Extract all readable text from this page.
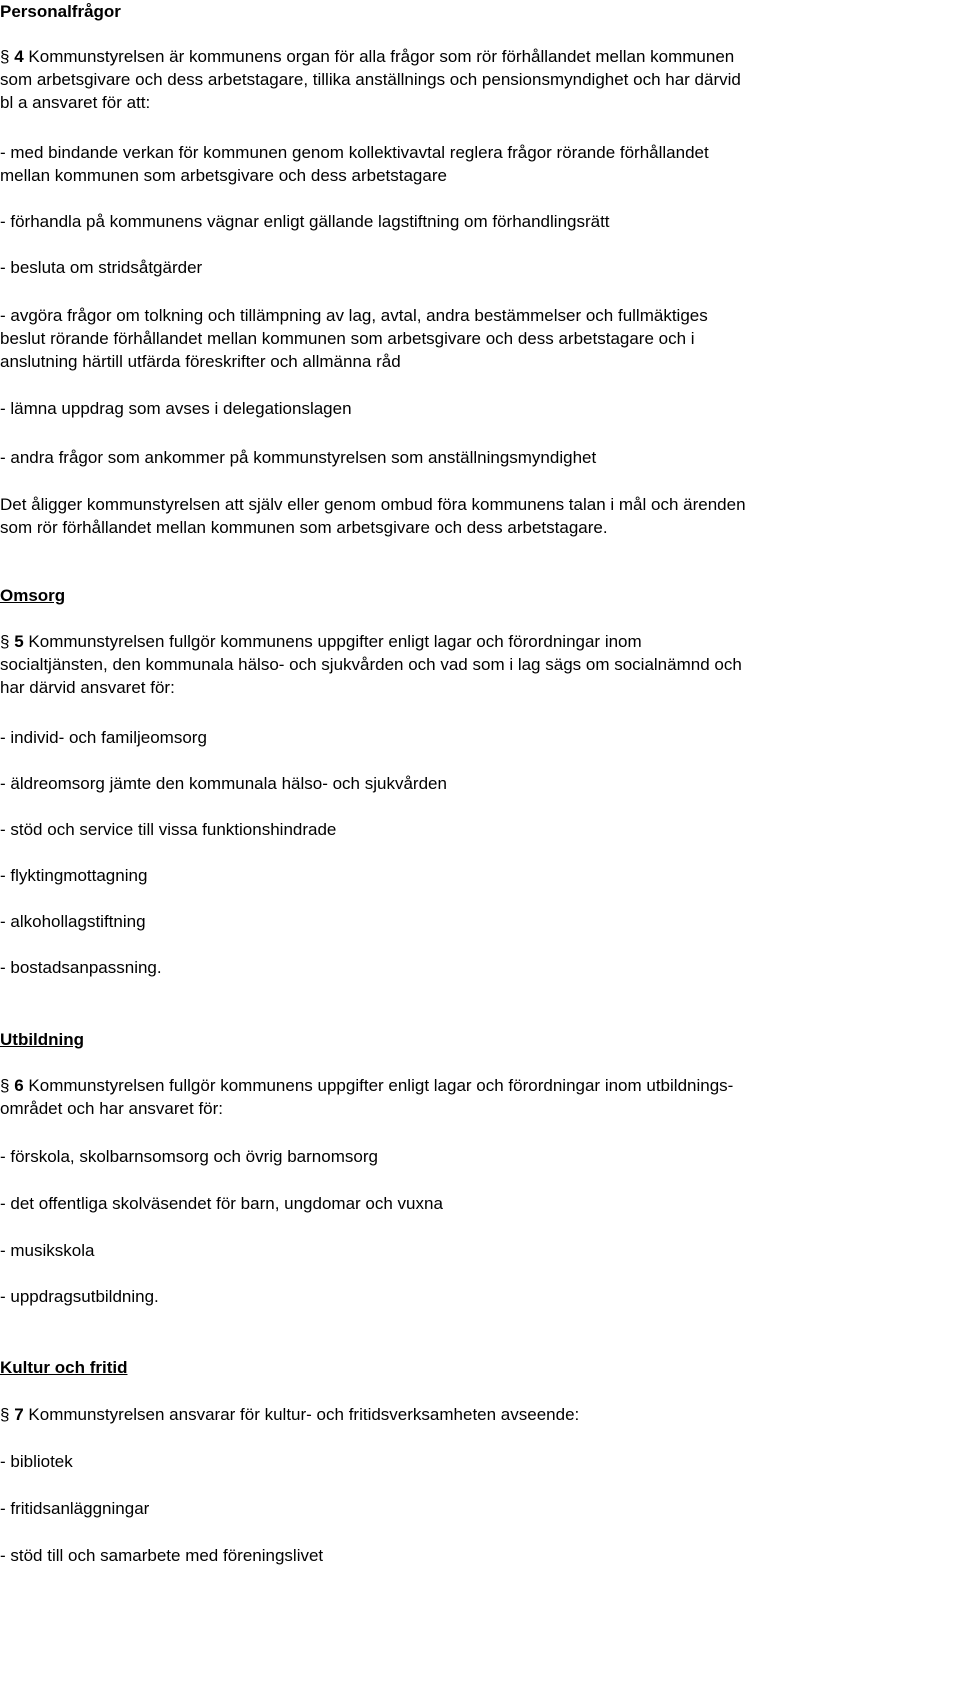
Personalfrågor
§ 4 Kommunstyrelsen är kommunens organ för alla frågor som rör förhållandet mellan kommunen
som arbetsgivare och dess arbetstagare, tillika anställnings och pensionsmyndighet och har därvid
bl a ansvaret för att:
- med bindande verkan för kommunen genom kollektivavtal reglera frågor rörande förhållandet
mellan kommunen som arbetsgivare och dess arbetstagare
- förhandla på kommunens vägnar enligt gällande lagstiftning om förhandlingsrätt
- besluta om stridsåtgärder
- avgöra frågor om tolkning och tillämpning av lag, avtal, andra bestämmelser och fullmäktiges
beslut rörande förhållandet mellan kommunen som arbetsgivare och dess arbetstagare och i
anslutning härtill utfärda föreskrifter och allmänna råd
- lämna uppdrag som avses i delegationslagen
- andra frågor som ankommer på kommunstyrelsen som anställningsmyndighet
Det åligger kommunstyrelsen att själv eller genom ombud föra kommunens talan i mål och ärenden
som rör förhållandet mellan kommunen som arbetsgivare och dess arbetstagare.
Omsorg
§ 5 Kommunstyrelsen fullgör kommunens uppgifter enligt lagar och förordningar inom
socialtjänsten, den kommunala hälso- och sjukvården och vad som i lag sägs om socialnämnd och
har därvid ansvaret för:
- individ- och familjeomsorg
- äldreomsorg jämte den kommunala hälso- och sjukvården
- stöd och service till vissa funktionshindrade
- flyktingmottagning
- alkohollagstiftning
- bostadsanpassning.
Utbildning
§ 6 Kommunstyrelsen fullgör kommunens uppgifter enligt lagar och förordningar inom utbildnings-
området och har ansvaret för:
- förskola, skolbarnsomsorg och övrig barnomsorg
- det offentliga skolväsendet för barn, ungdomar och vuxna
- musikskola
- uppdragsutbildning.
Kultur och fritid
§ 7 Kommunstyrelsen ansvarar för kultur- och fritidsverksamheten avseende:
- bibliotek
- fritidsanläggningar
- stöd till och samarbete med föreningslivet
